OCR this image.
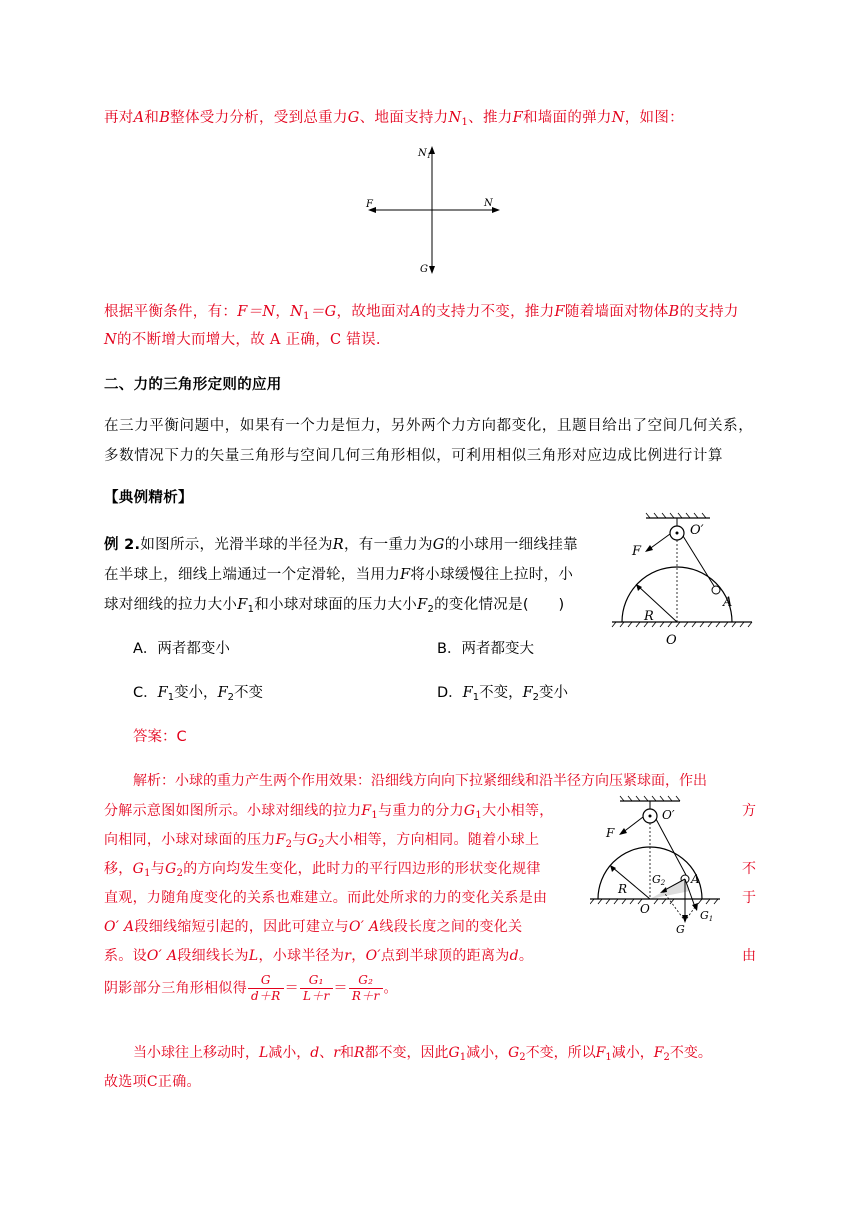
再对A和B整体受力分析，受到总重力G、地面支持力$N_1$、推力F和墙面的弹力N，如图：
$N_1$
F	N
G
根据平衡条件，有：F＝N，$N_1=G$，故地面对A的支持力不变，推力F随着墙面对物体B的支持力
N的不断增大而增大，故 A 正确，C 错误.
二、力的三角形定则的应用
在三力平衡问题中，如果有一个力是恒力，另外两个力方向都变化，且题目给出了空间几何关系，
多数情况下力的矢量三角形与空间几何三角形相似，可利用相似三角形对应边成比例进行计算
【典例精析】
例 2.如图所示，光滑半球的半径为R，有一重力为G的小球用一细线挂靠
在半球上，细线上端通过一个定滑轮，当用力F将小球缓慢往上拉时，小
球对细线的拉力大小$F_1$和小球对球面的压力大小$F_2$的变化情况是(　　)
O′
F
R
A
O
A．两者都变小	B．两者都变大
C．$F_1$变小，$F_2$不变	D．$F_1$不变，$F_2$变小
答案：C
解析：小球的重力产生两个作用效果：沿细线方向向下拉紧细线和沿半径方向压紧球面，作出
分解示意图如图所示。小球对细线的拉力$F_1$与重力的分力$G_1$大小相等，	方
向相同，小球对球面的压力$F_2$与$G_2$大小相等，方向相同。随着小球上
移，$G_1$与$G_2$的方向均发生变化，此时力的平行四边形的形状变化规律	不
直观，力随角度变化的关系也难建立。而此处所求的力的变化关系是由	于
O′ A段细线缩短引起的，因此可建立与O′ A线段长度之间的变化关
系。设O′ A段细线长为L，小球半径为r，O′点到半球顶的距离为d。	由
阴影部分三角形相似得 $\frac{G}{d+R} = \frac{\text{G₁}}{L+r} = \frac{\text{G₂}}{R+r}$ 。
O′
F
R
G2 A
O	G1
G
当小球往上移动时，L减小，d、r和R都不变，因此$G_1$减小，$G_2$不变，所以$F_1$减小，$F_2$不变。
故选项C正确。
